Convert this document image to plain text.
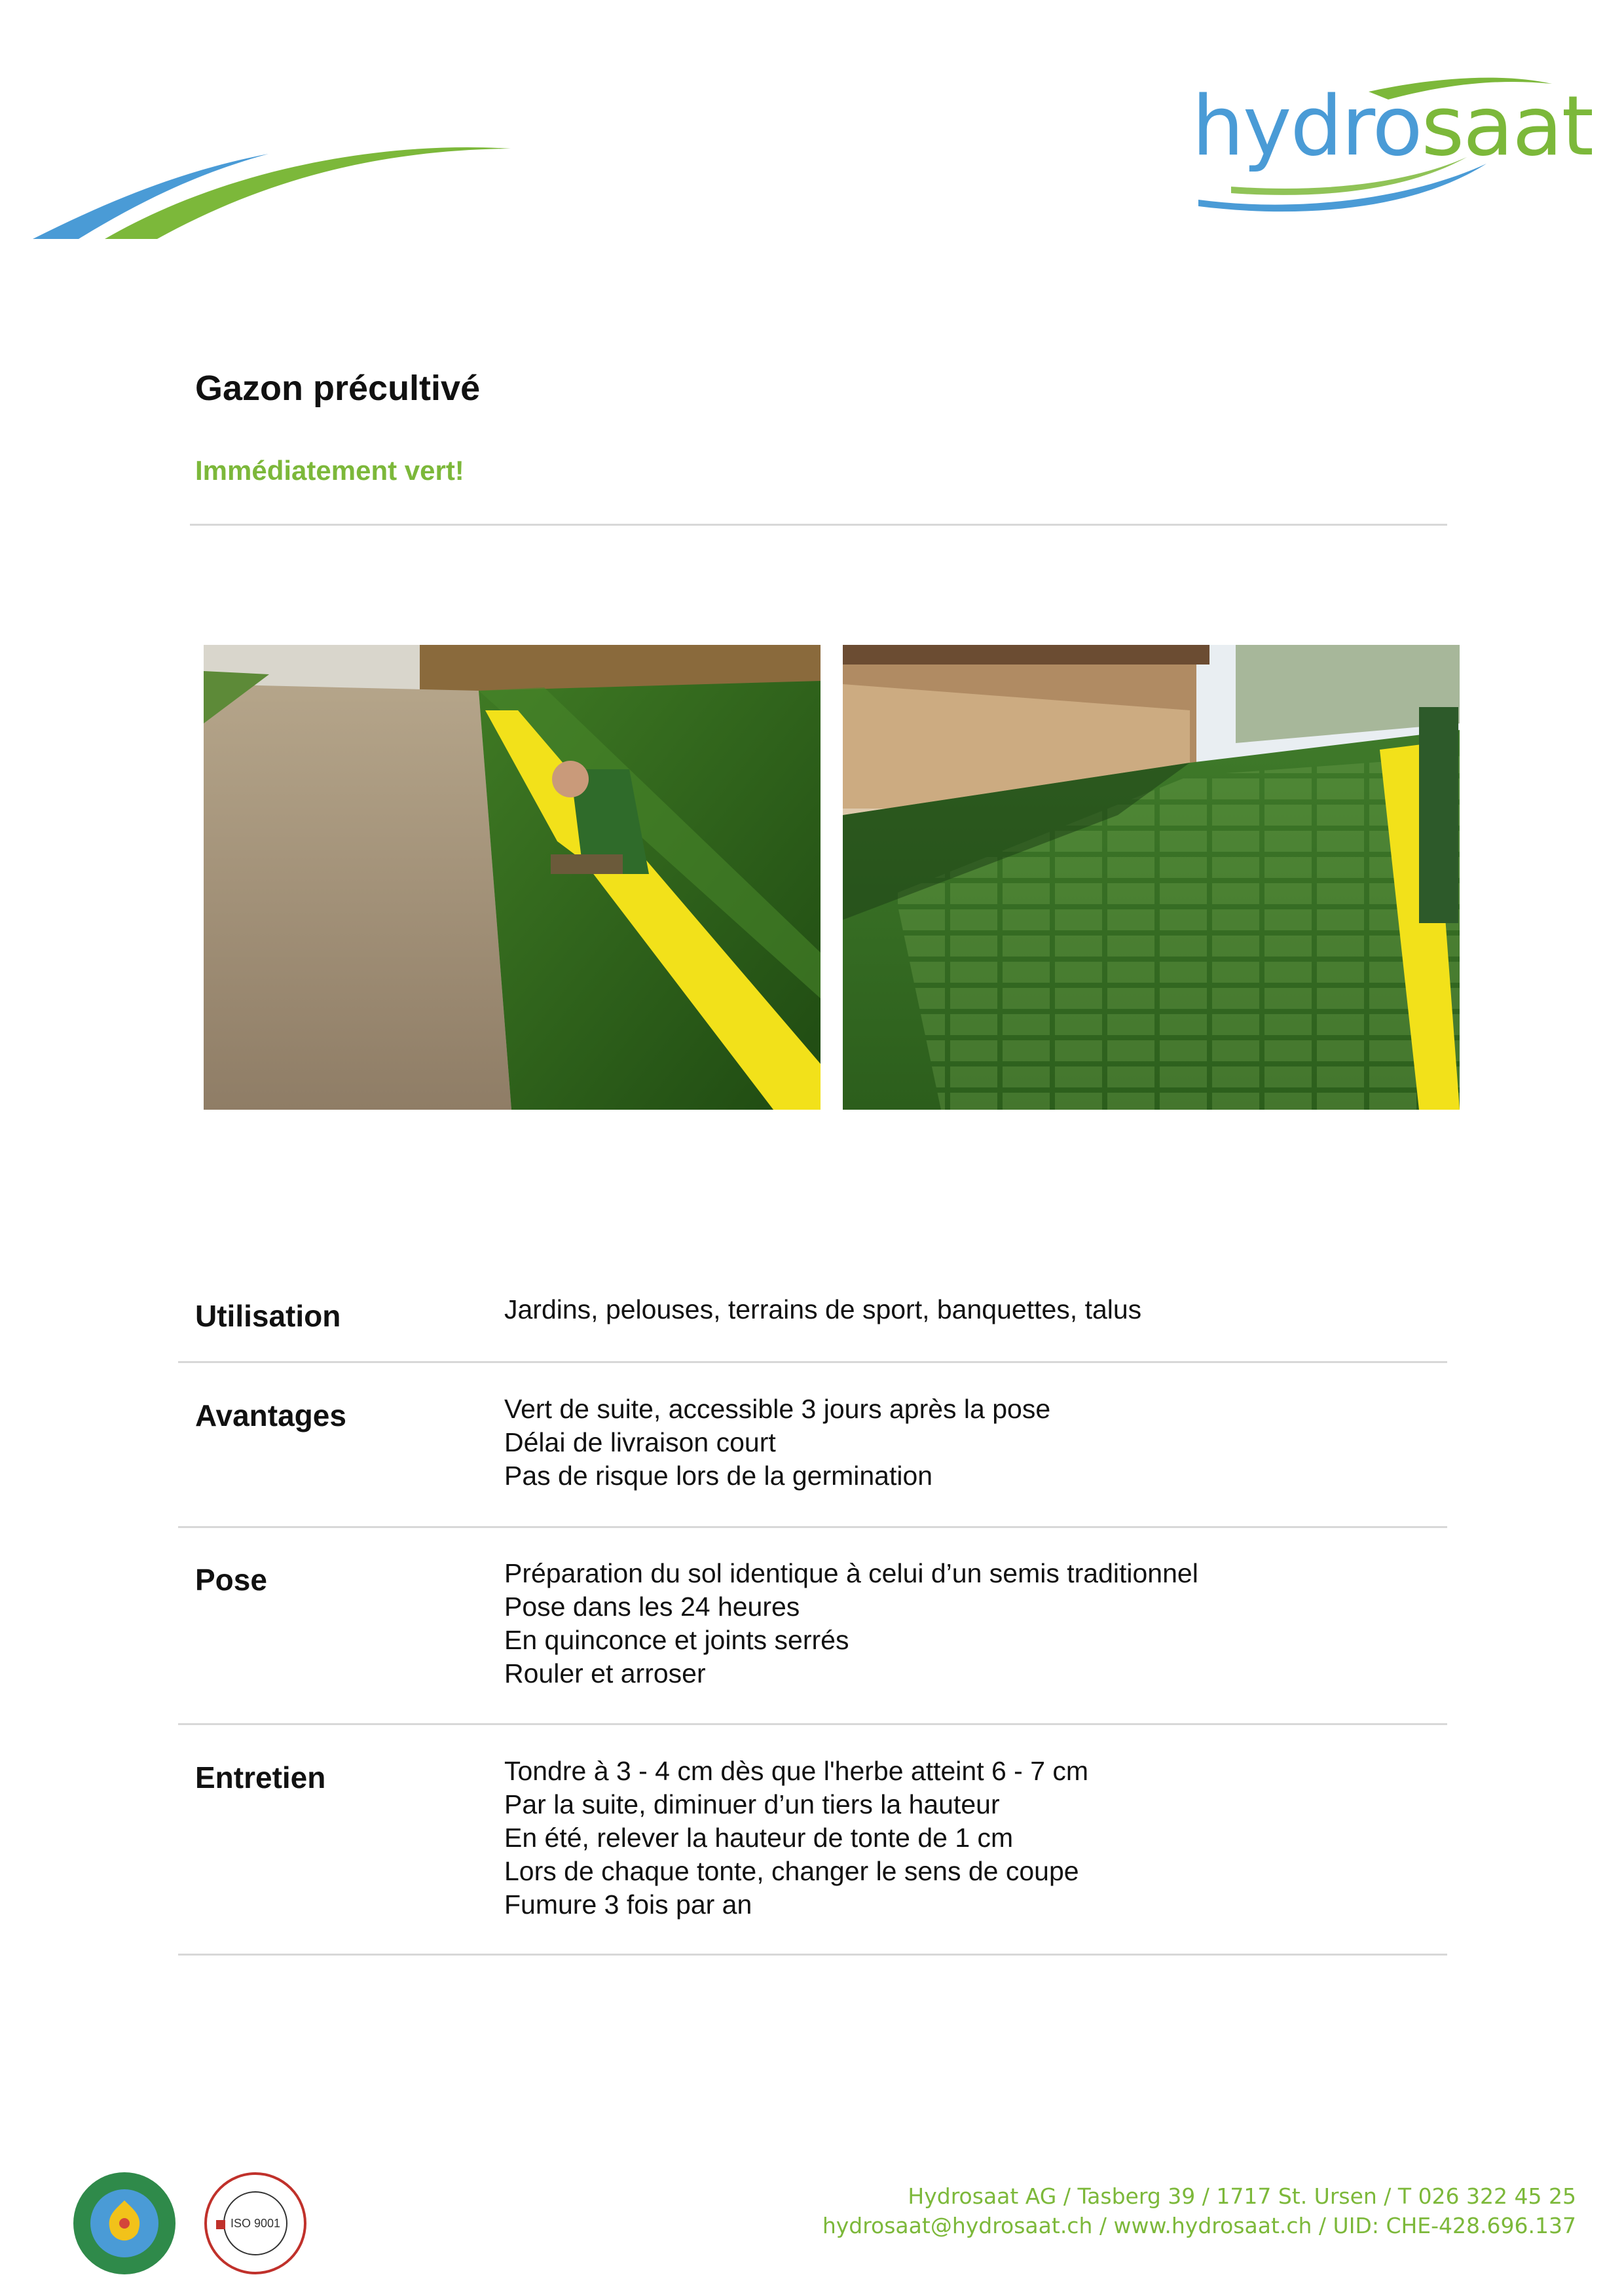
hydrosaat
Gazon précultivé
Immédiatement vert!
Utilisation	Jardins, pelouses, terrains de sport, banquettes, talus
Avantages	Vert de suite, accessible 3 jours après la pose
Délai de livraison court
Pas de risque lors de la germination
Pose	Préparation du sol identique à celui d’un semis traditionnel
Pose dans les 24 heures
En quinconce et joints serrés
Rouler et arroser
Entretien	Tondre à 3 - 4 cm dès que l'herbe atteint 6 - 7 cm
Par la suite, diminuer d’un tiers la hauteur
En été, relever la hauteur de tonte de 1 cm
Lors de chaque tonte, changer le sens de coupe
Fumure 3 fois par an
ISO 9001
Hydrosaat AG / Tasberg 39 / 1717 St. Ursen / T 026 322 45 25
hydrosaat@hydrosaat.ch / www.hydrosaat.ch / UID: CHE-428.696.137
